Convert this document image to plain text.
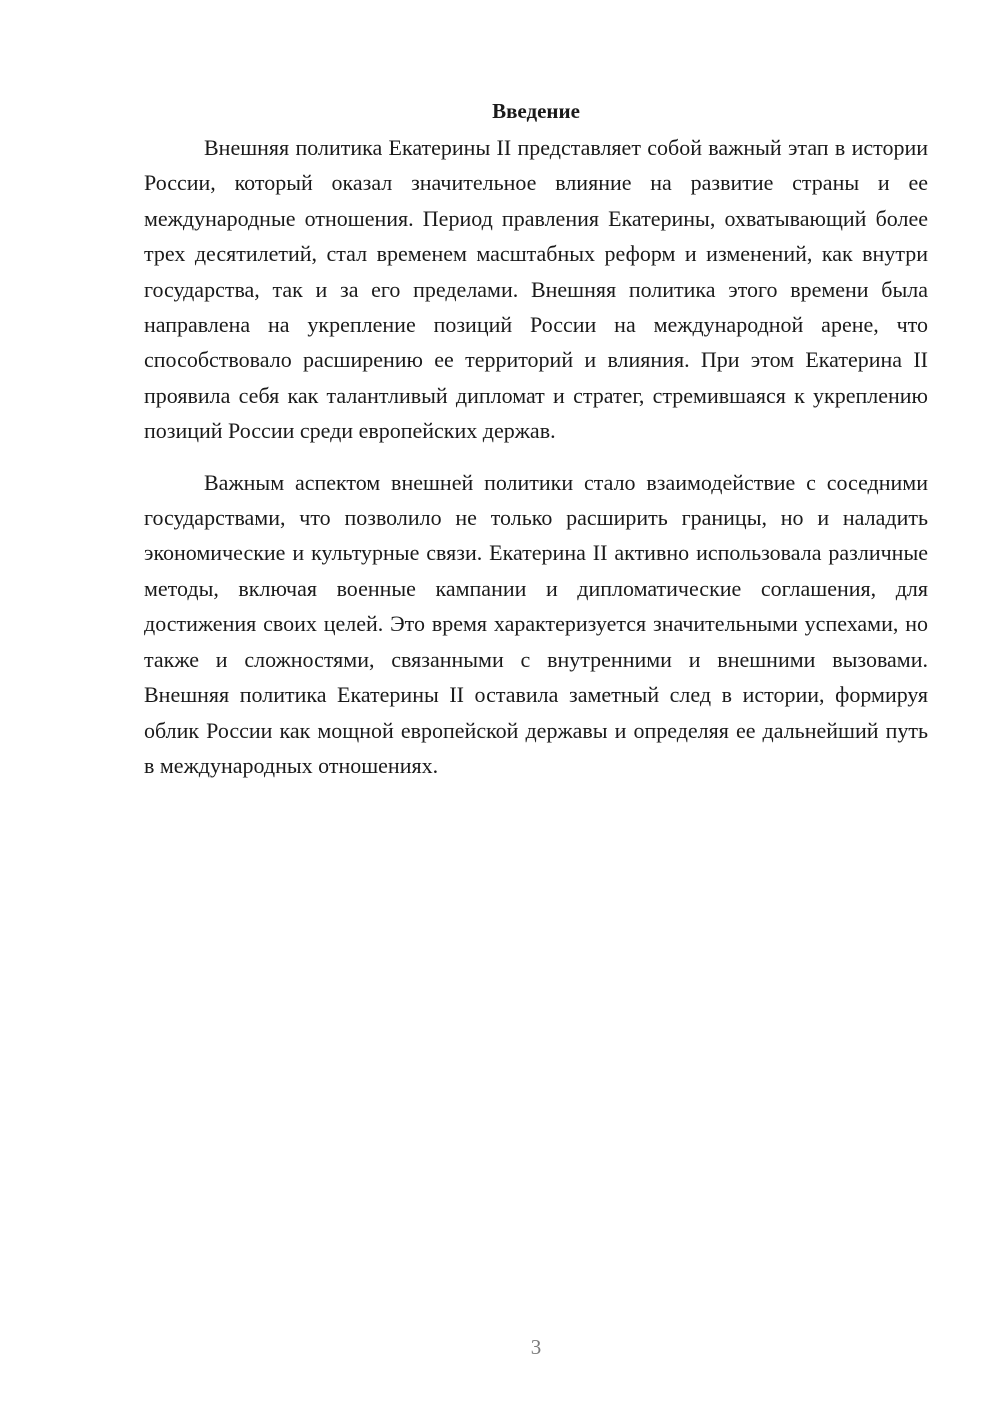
Введение

Внешняя политика Екатерины II представляет собой важный этап в истории России, который оказал значительное влияние на развитие страны и ее международные отношения. Период правления Екатерины, охватывающий более трех десятилетий, стал временем масштабных реформ и изменений, как внутри государства, так и за его пределами. Внешняя политика этого времени была направлена на укрепление позиций России на международной арене, что способствовало расширению ее территорий и влияния. При этом Екатерина II проявила себя как талантливый дипломат и стратег, стремившаяся к укреплению позиций России среди европейских держав.

Важным аспектом внешней политики стало взаимодействие с соседними государствами, что позволило не только расширить границы, но и наладить экономические и культурные связи. Екатерина II активно использовала различные методы, включая военные кампании и дипломатические соглашения, для достижения своих целей. Это время характеризуется значительными успехами, но также и сложностями, связанными с внутренними и внешними вызовами. Внешняя политика Екатерины II оставила заметный след в истории, формируя облик России как мощной европейской державы и определяя ее дальнейший путь в международных отношениях.

3
